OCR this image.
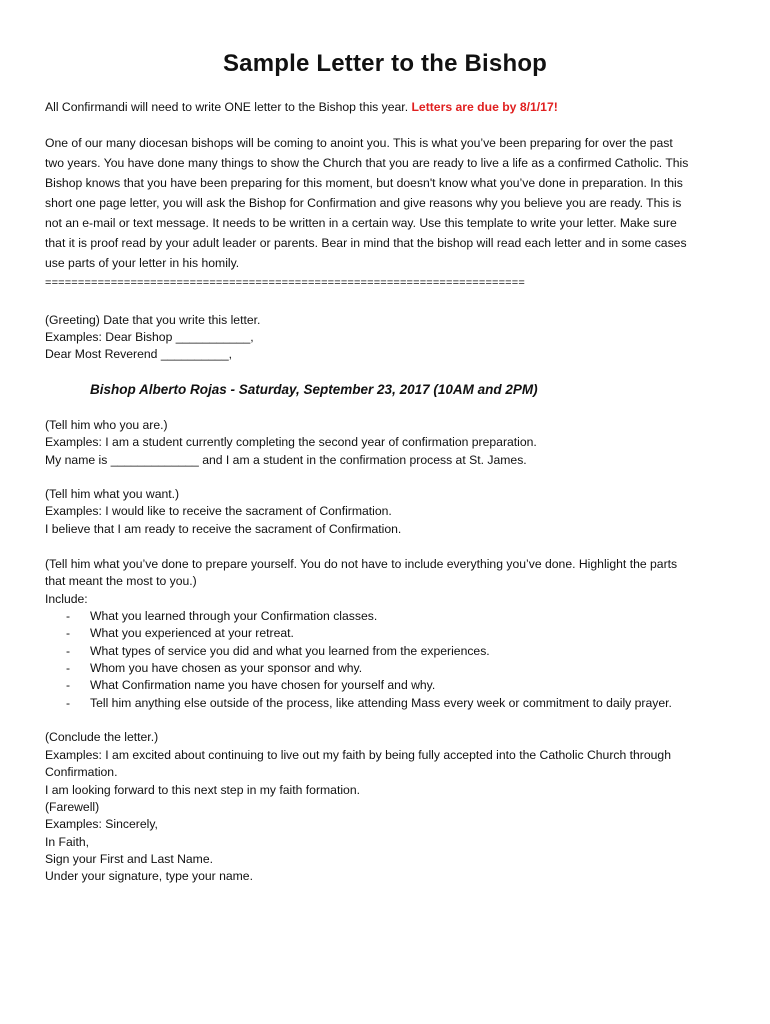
Sample Letter to the Bishop
All Confirmandi will need to write ONE letter to the Bishop this year. Letters are due by 8/1/17!
One of our many diocesan bishops will be coming to anoint you. This is what you’ve been preparing for over the past
two years. You have done many things to show the Church that you are ready to live a life as a confirmed Catholic. This
Bishop knows that you have been preparing for this moment, but doesn't know what you’ve done in preparation. In this
short one page letter, you will ask the Bishop for Confirmation and give reasons why you believe you are ready. This is
not an e-mail or text message. It needs to be written in a certain way. Use this template to write your letter. Make sure
that it is proof read by your adult leader or parents. Bear in mind that the bishop will read each letter and in some cases
use parts of your letter in his homily.
=========================================================================
(Greeting) Date that you write this letter.
Examples: Dear Bishop ___________,
Dear Most Reverend __________,
Bishop Alberto Rojas - Saturday, September 23, 2017 (10AM and 2PM)
(Tell him who you are.)
Examples: I am a student currently completing the second year of confirmation preparation.
My name is _____________ and I am a student in the confirmation process at St. James.
(Tell him what you want.)
Examples: I would like to receive the sacrament of Confirmation.
I believe that I am ready to receive the sacrament of Confirmation.
(Tell him what you’ve done to prepare yourself. You do not have to include everything you’ve done. Highlight the parts
that meant the most to you.)
Include:
- What you learned through your Confirmation classes.
- What you experienced at your retreat.
- What types of service you did and what you learned from the experiences.
- Whom you have chosen as your sponsor and why.
- What Confirmation name you have chosen for yourself and why.
- Tell him anything else outside of the process, like attending Mass every week or commitment to daily prayer.
(Conclude the letter.)
Examples: I am excited about continuing to live out my faith by being fully accepted into the Catholic Church through
Confirmation.
I am looking forward to this next step in my faith formation.
(Farewell)
Examples: Sincerely,
In Faith,
Sign your First and Last Name.
Under your signature, type your name.
